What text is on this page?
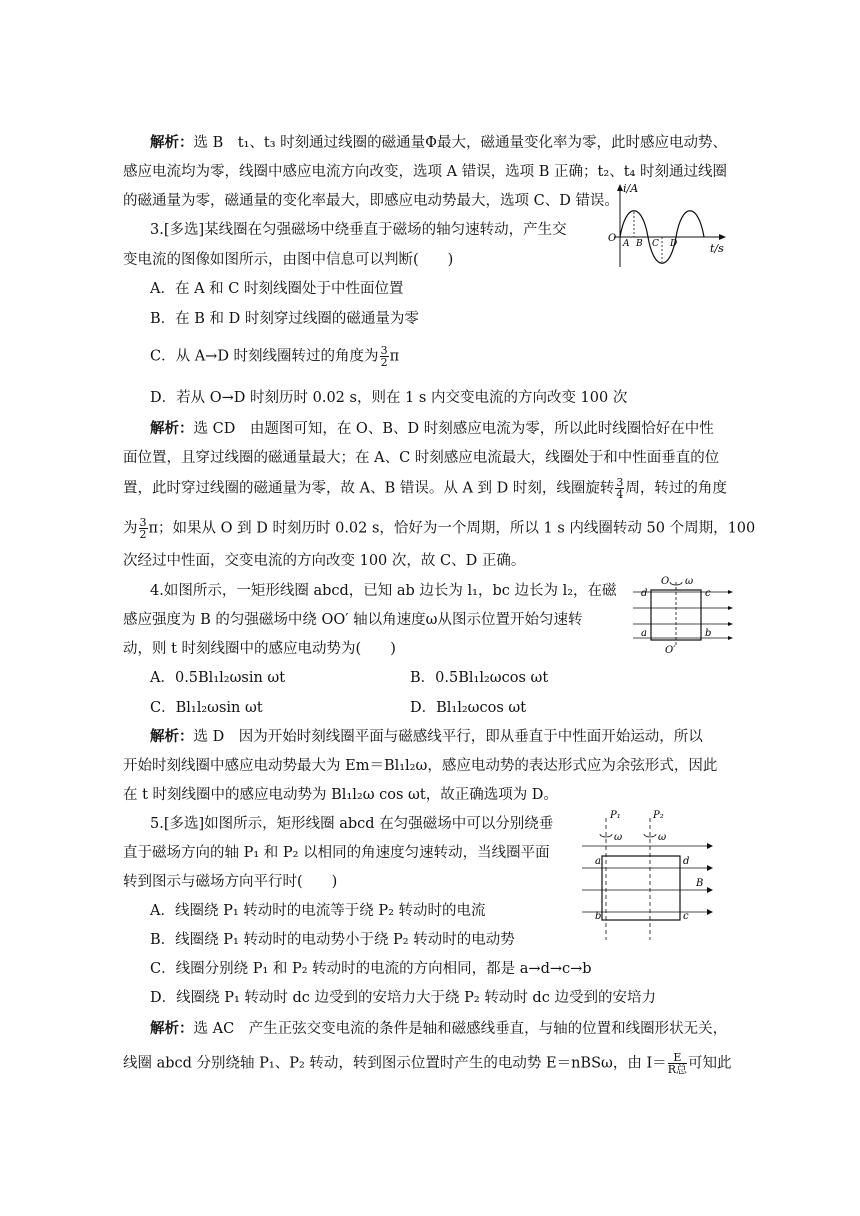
解析：选 B　t₁、t₃ 时刻通过线圈的磁通量Φ最大，磁通量变化率为零，此时感应电动势、
感应电流均为零，线圈中感应电流方向改变，选项 A 错误，选项 B 正确；t₂、t₄ 时刻通过线圈
的磁通量为零，磁通量的变化率最大，即感应电动势最大，选项 C、D 错误。
3.[多选]某线圈在匀强磁场中绕垂直于磁场的轴匀速转动，产生交
变电流的图像如图所示，由图中信息可以判断(　　)
A．在 A 和 C 时刻线圈处于中性面位置
B．在 B 和 D 时刻穿过线圈的磁通量为零
C．从 A→D 时刻线圈转过的角度为 $\frac{3}{2}$ π
D．若从 O→D 时刻历时 0.02 s，则在 1 s 内交变电流的方向改变 100 次
i/A
t/s
O A B C D
解析：选 CD　由题图可知，在 O、B、D 时刻感应电流为零，所以此时线圈恰好在中性
面位置，且穿过线圈的磁通量最大；在 A、C 时刻感应电流最大，线圈处于和中性面垂直的位
置，此时穿过线圈的磁通量为零，故 A、B 错误。从 A 到 D 时刻，线圈旋转 $\frac{3}{4}$ 周，转过的角度
为 $\frac{3}{2}$ π；如果从 O 到 D 时刻历时 0.02 s，恰好为一个周期，所以 1 s 内线圈转动 50 个周期，100
次经过中性面，交变电流的方向改变 100 次，故 C、D 正确。
4.如图所示，一矩形线圈 abcd，已知 ab 边长为 l₁，bc 边长为 l₂，在磁
感应强度为 B 的匀强磁场中绕 OO′ 轴以角速度ω从图示位置开始匀速转
动，则 t 时刻线圈中的感应电动势为(　　)
A．0.5Bl₁l₂ωsin ωt	B．0.5Bl₁l₂ωcos ωt
C．Bl₁l₂ωsin ωt	D．Bl₁l₂ωcos ωt
O ω
O′
d	c
a	b
解析：选 D　因为开始时刻线圈平面与磁感线平行，即从垂直于中性面开始运动，所以
开始时刻线圈中感应电动势最大为 Em＝Bl₁l₂ω，感应电动势的表达形式应为余弦形式，因此
在 t 时刻线圈中的感应电动势为 Bl₁l₂ω cos ωt，故正确选项为 D。
5.[多选]如图所示，矩形线圈 abcd 在匀强磁场中可以分别绕垂
直于磁场方向的轴 P₁ 和 P₂ 以相同的角速度匀速转动，当线圈平面
转到图示与磁场方向平行时(　　)
A．线圈绕 P₁ 转动时的电流等于绕 P₂ 转动时的电流
B．线圈绕 P₁ 转动时的电动势小于绕 P₂ 转动时的电动势
C．线圈分别绕 P₁ 和 P₂ 转动时的电流的方向相同，都是 a→d→c→b
D．线圈绕 P₁ 转动时 dc 边受到的安培力大于绕 P₂ 转动时 dc 边受到的安培力
P₁	P₂
ω	ω
B
a	d
b	c
解析：选 AC　产生正弦交变电流的条件是轴和磁感线垂直，与轴的位置和线圈形状无关，
线圈 abcd 分别绕轴 P₁、P₂ 转动，转到图示位置时产生的电动势 E＝nBSω，由 $I= \frac{E}{\text{R总}}$ 可知此
